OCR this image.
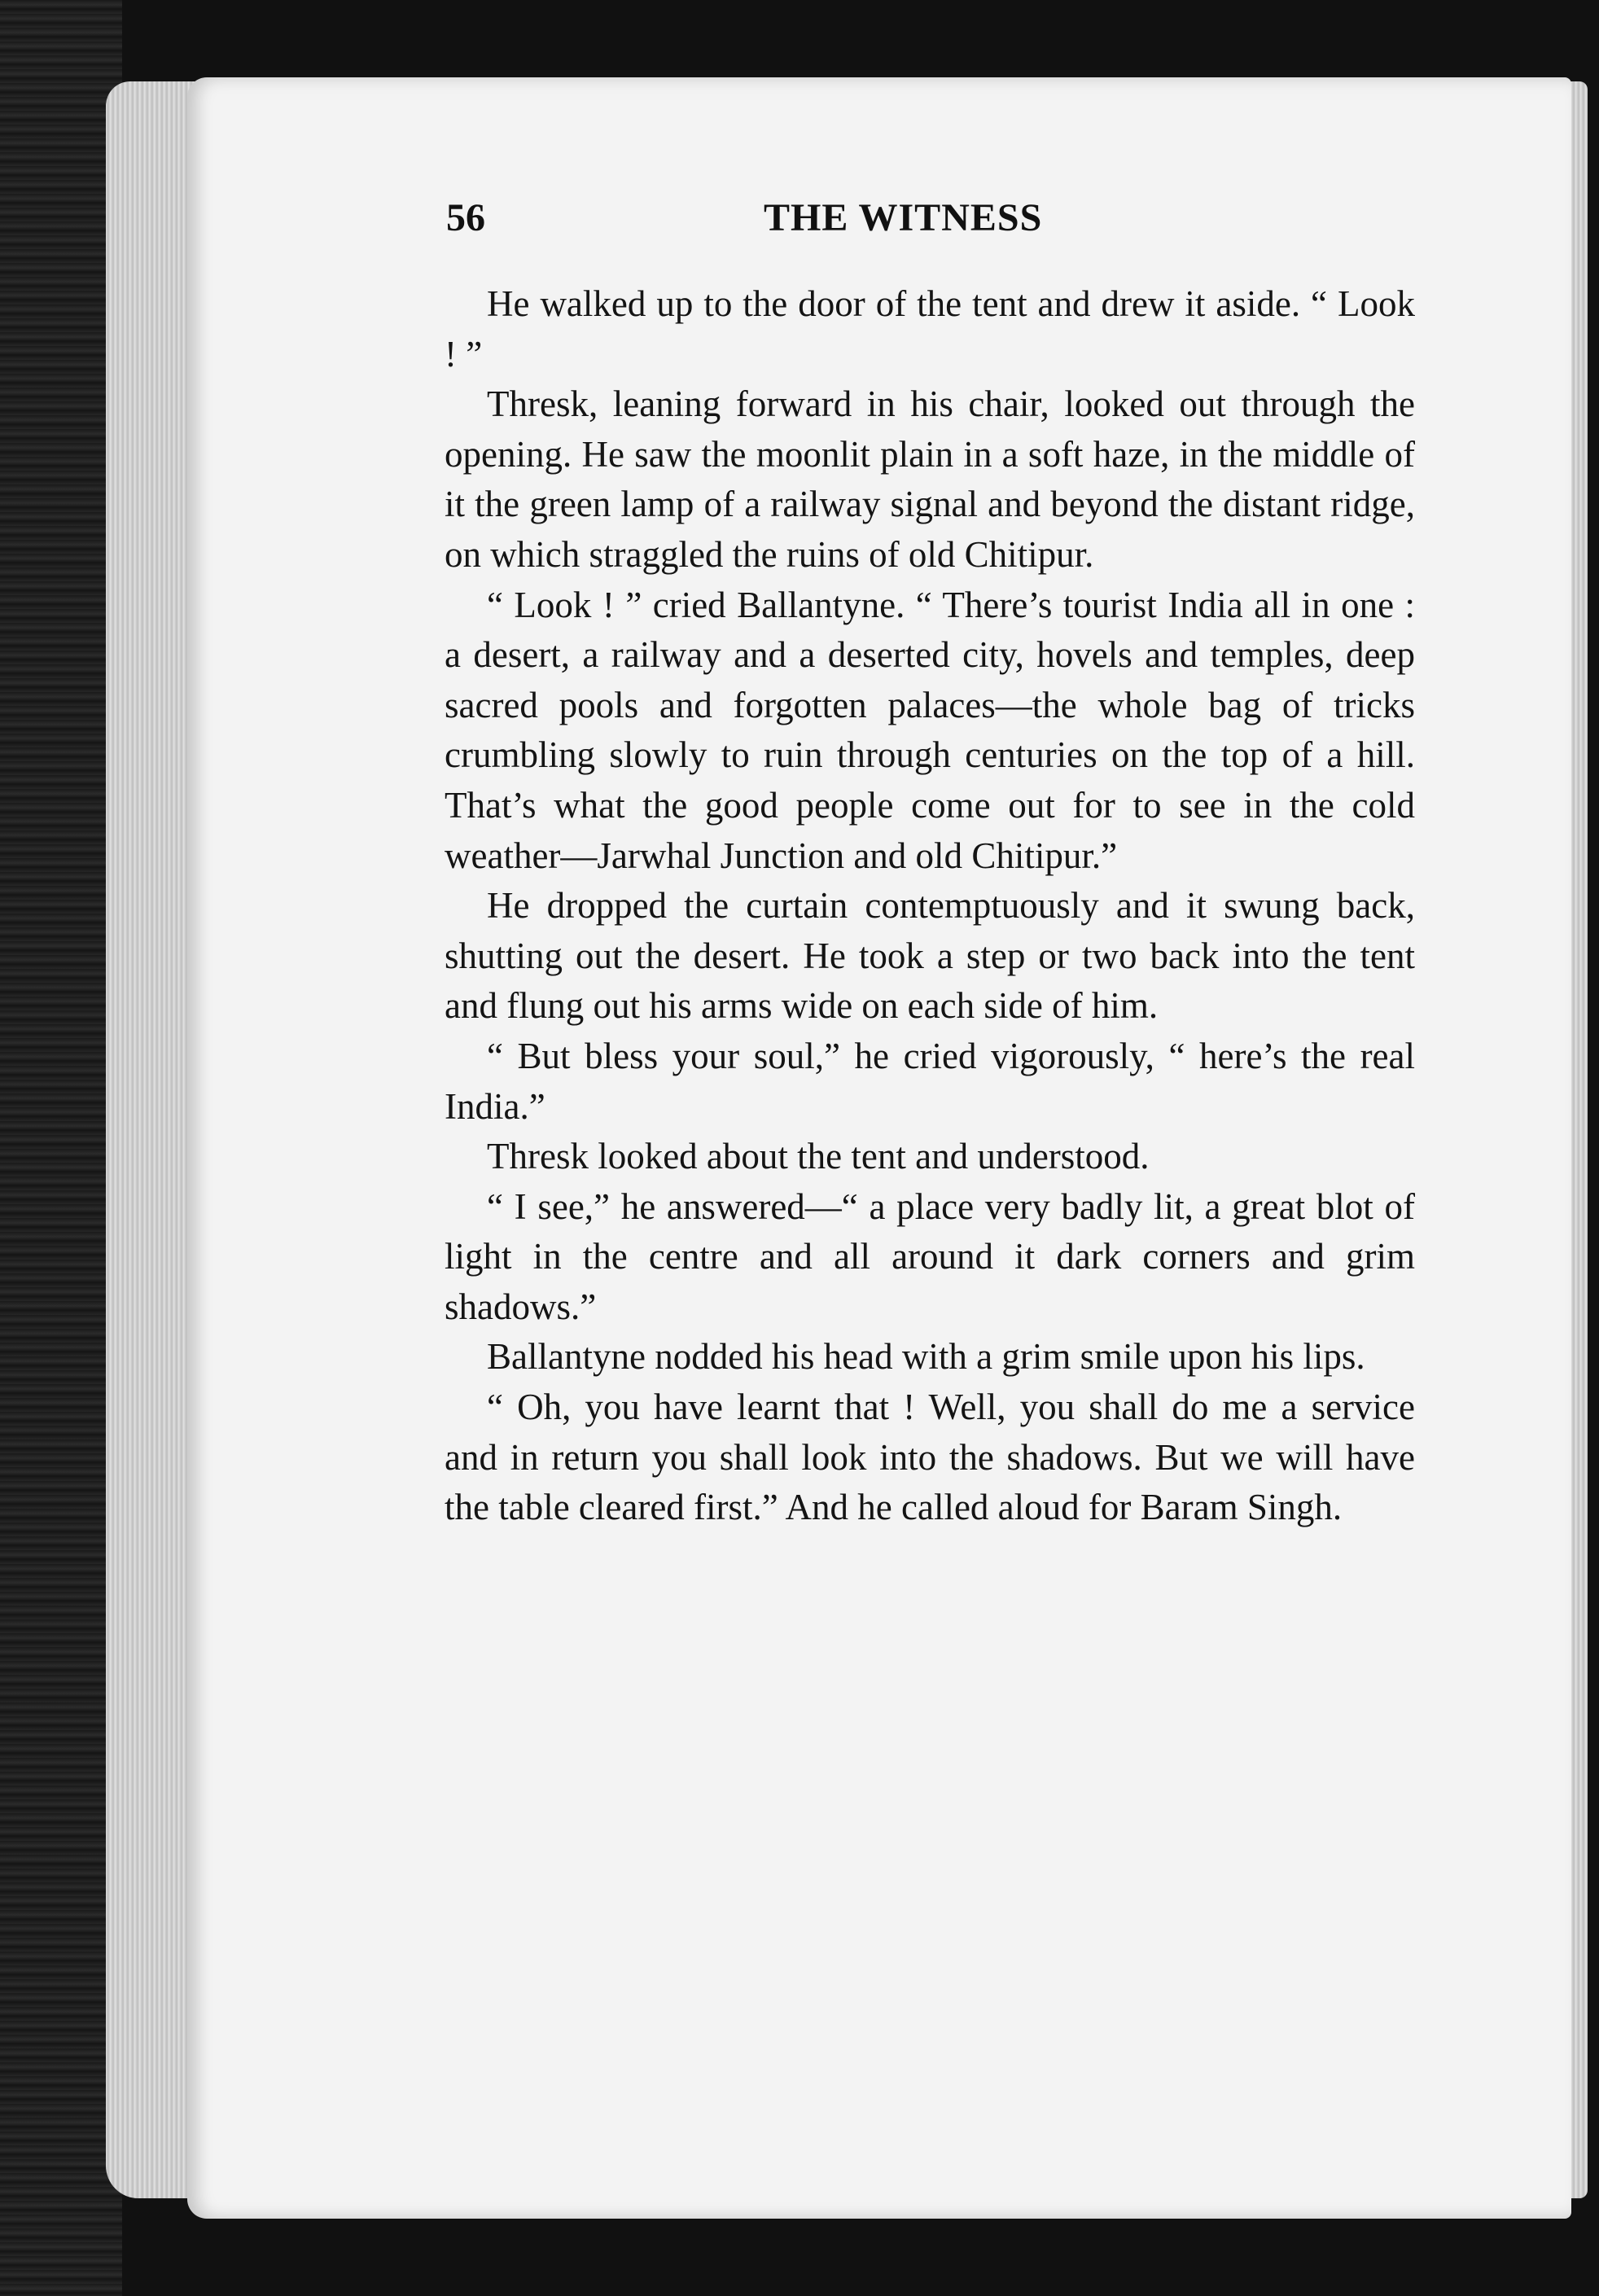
56	THE WITNESS

He walked up to the door of the tent and drew it aside. “ Look ! ”

Thresk, leaning forward in his chair, looked out through the opening. He saw the moonlit plain in a soft haze, in the middle of it the green lamp of a railway signal and beyond the distant ridge, on which straggled the ruins of old Chitipur.

“ Look ! ” cried Ballantyne. “ There’s tourist India all in one : a desert, a railway and a deserted city, hovels and temples, deep sacred pools and forgotten palaces—the whole bag of tricks crumbling slowly to ruin through centuries on the top of a hill. That’s what the good people come out for to see in the cold weather—Jarwhal Junction and old Chitipur.”

He dropped the curtain contemptuously and it swung back, shutting out the desert. He took a step or two back into the tent and flung out his arms wide on each side of him.

“ But bless your soul,” he cried vigorously, “ here’s the real India.”

Thresk looked about the tent and understood.

“ I see,” he answered—“ a place very badly lit, a great blot of light in the centre and all around it dark corners and grim shadows.”

Ballantyne nodded his head with a grim smile upon his lips.

“ Oh, you have learnt that ! Well, you shall do me a service and in return you shall look into the shadows. But we will have the table cleared first.” And he called aloud for Baram Singh.
